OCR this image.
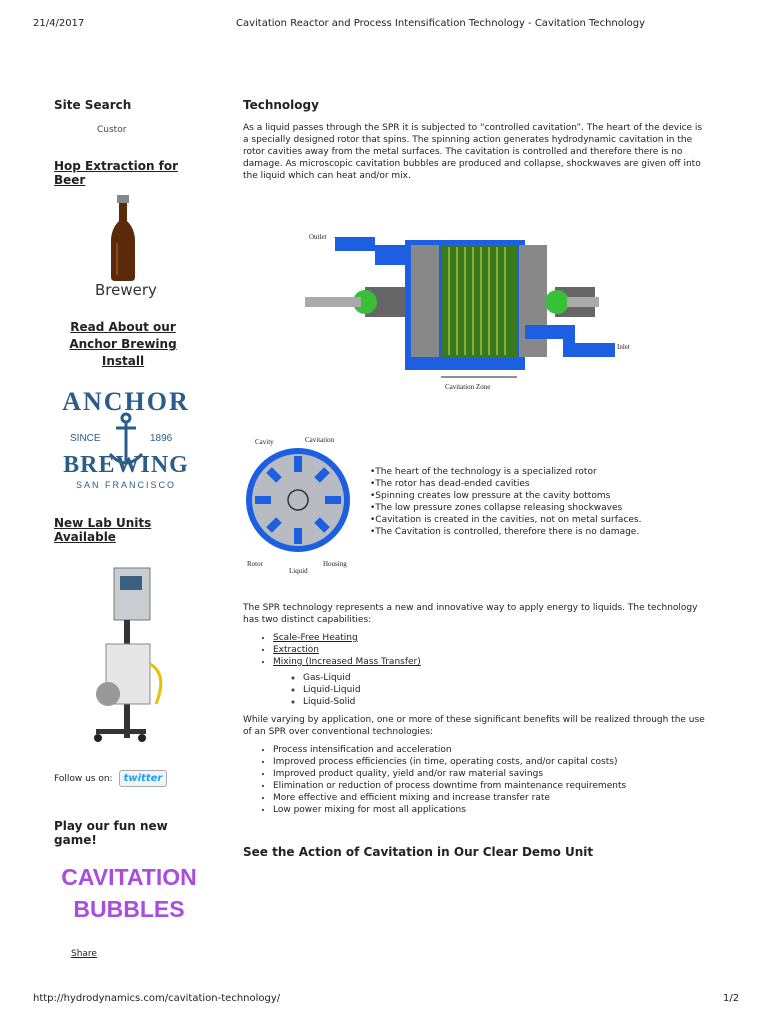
21/4/2017	Cavitation Reactor and Process Intensification Technology - Cavitation Technology

Site Search

Custor

Hop Extraction for Beer

Brewery

Read About our Anchor Brewing Install

ANCHOR
SINCE	1896
BREWING
SAN FRANCISCO

New Lab Units Available

Follow us on:	twitter

Play our fun new game!

CAVITATION
BUBBLES
Share

Technology

As a liquid passes through the SPR it is subjected to “controlled cavitation”. The heart of the device is a specially designed rotor that spins. The spinning action generates hydrodynamic cavitation in the rotor cavities away from the metal surfaces. The cavitation is controlled and therefore there is no damage. As microscopic cavitation bubbles are produced and collapse, shockwaves are given off into the liquid which can heat and/or mix.

Outlet
Inlet
Cavitation Zone
Cavity	Cavitation
Rotor
Liquid
Housing
•The heart of the technology is a specialized rotor
•The rotor has dead-ended cavities
•Spinning creates low pressure at the cavity bottoms
•The low pressure zones collapse releasing shockwaves
•Cavitation is created in the cavities, not on metal surfaces.
•The Cavitation is controlled, therefore there is no damage.

The SPR technology represents a new and innovative way to apply energy to liquids. The technology has two distinct capabilities:

• Scale-Free Heating
• Extraction
• Mixing (Increased Mass Transfer)
◦ Gas-Liquid
◦ Liquid-Liquid
◦ Liquid-Solid

While varying by application, one or more of these significant benefits will be realized through the use of an SPR over conventional technologies:

• Process intensification and acceleration
• Improved process efficiencies (in time, operating costs, and/or capital costs)
• Improved product quality, yield and/or raw material savings
• Elimination or reduction of process downtime from maintenance requirements
• More effective and efficient mixing and increase transfer rate
• Low power mixing for most all applications
See the Action of Cavitation in Our Clear Demo Unit
http://hydrodynamics.com/cavitation-technology/	1/2
